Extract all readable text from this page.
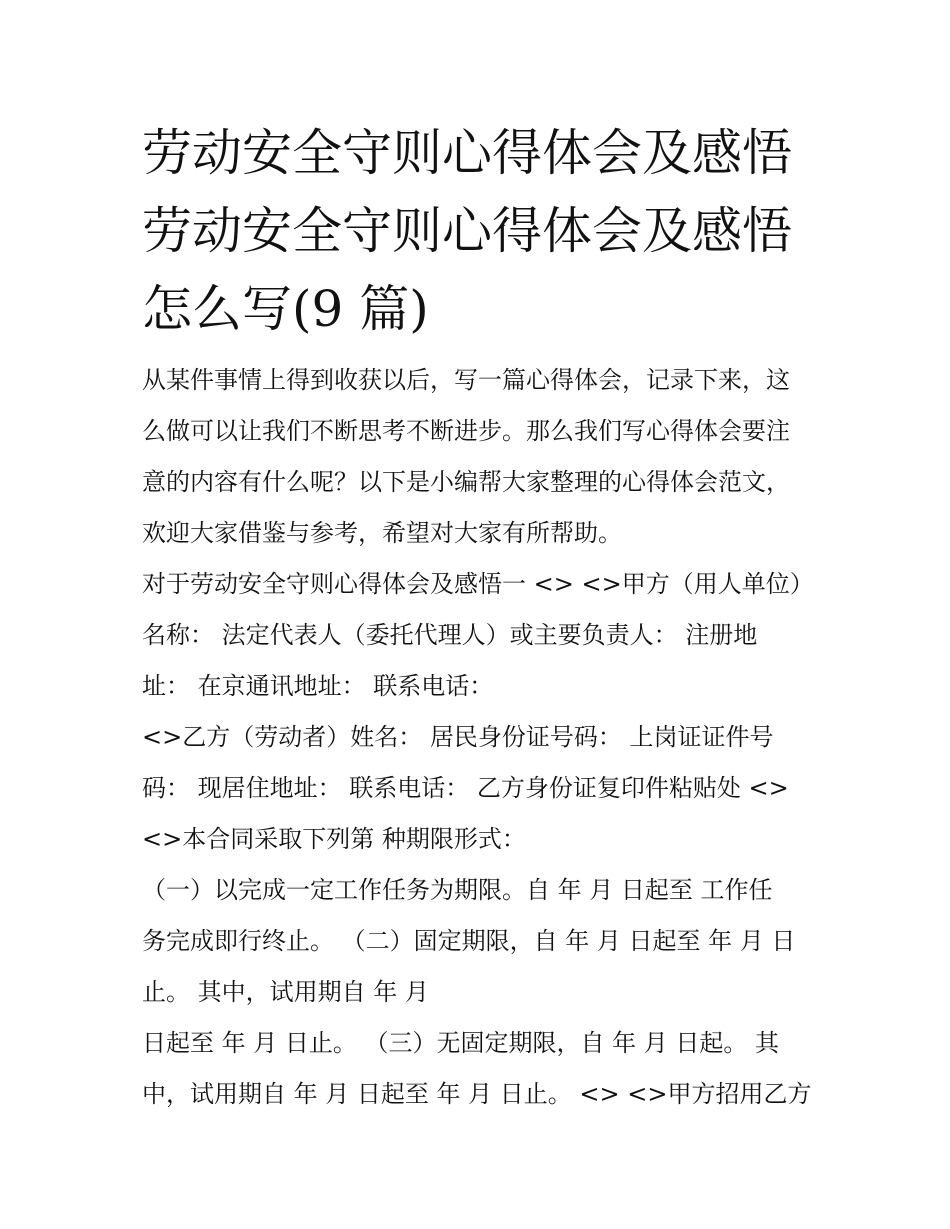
劳动安全守则心得体会及感悟
劳动安全守则心得体会及感悟
怎么写(9 篇)
从某件事情上得到收获以后，写一篇心得体会，记录下来，这
么做可以让我们不断思考不断进步。那么我们写心得体会要注
意的内容有什么呢？以下是小编帮大家整理的心得体会范文，
欢迎大家借鉴与参考，希望对大家有所帮助。
对于劳动安全守则心得体会及感悟一 <> <>甲方（用人单位）
名称： 法定代表人（委托代理人）或主要负责人： 注册地
址： 在京通讯地址： 联系电话：
<>乙方（劳动者）姓名： 居民身份证号码： 上岗证证件号
码： 现居住地址： 联系电话： 乙方身份证复印件粘贴处 <>
<>本合同采取下列第 种期限形式：
（一）以完成一定工作任务为期限。自 年 月 日起至 工作任
务完成即行终止。 （二）固定期限，自 年 月 日起至 年 月 日
止。 其中，试用期自 年 月
日起至 年 月 日止。 （三）无固定期限，自 年 月 日起。 其
中，试用期自 年 月 日起至 年 月 日止。 <> <>甲方招用乙方
